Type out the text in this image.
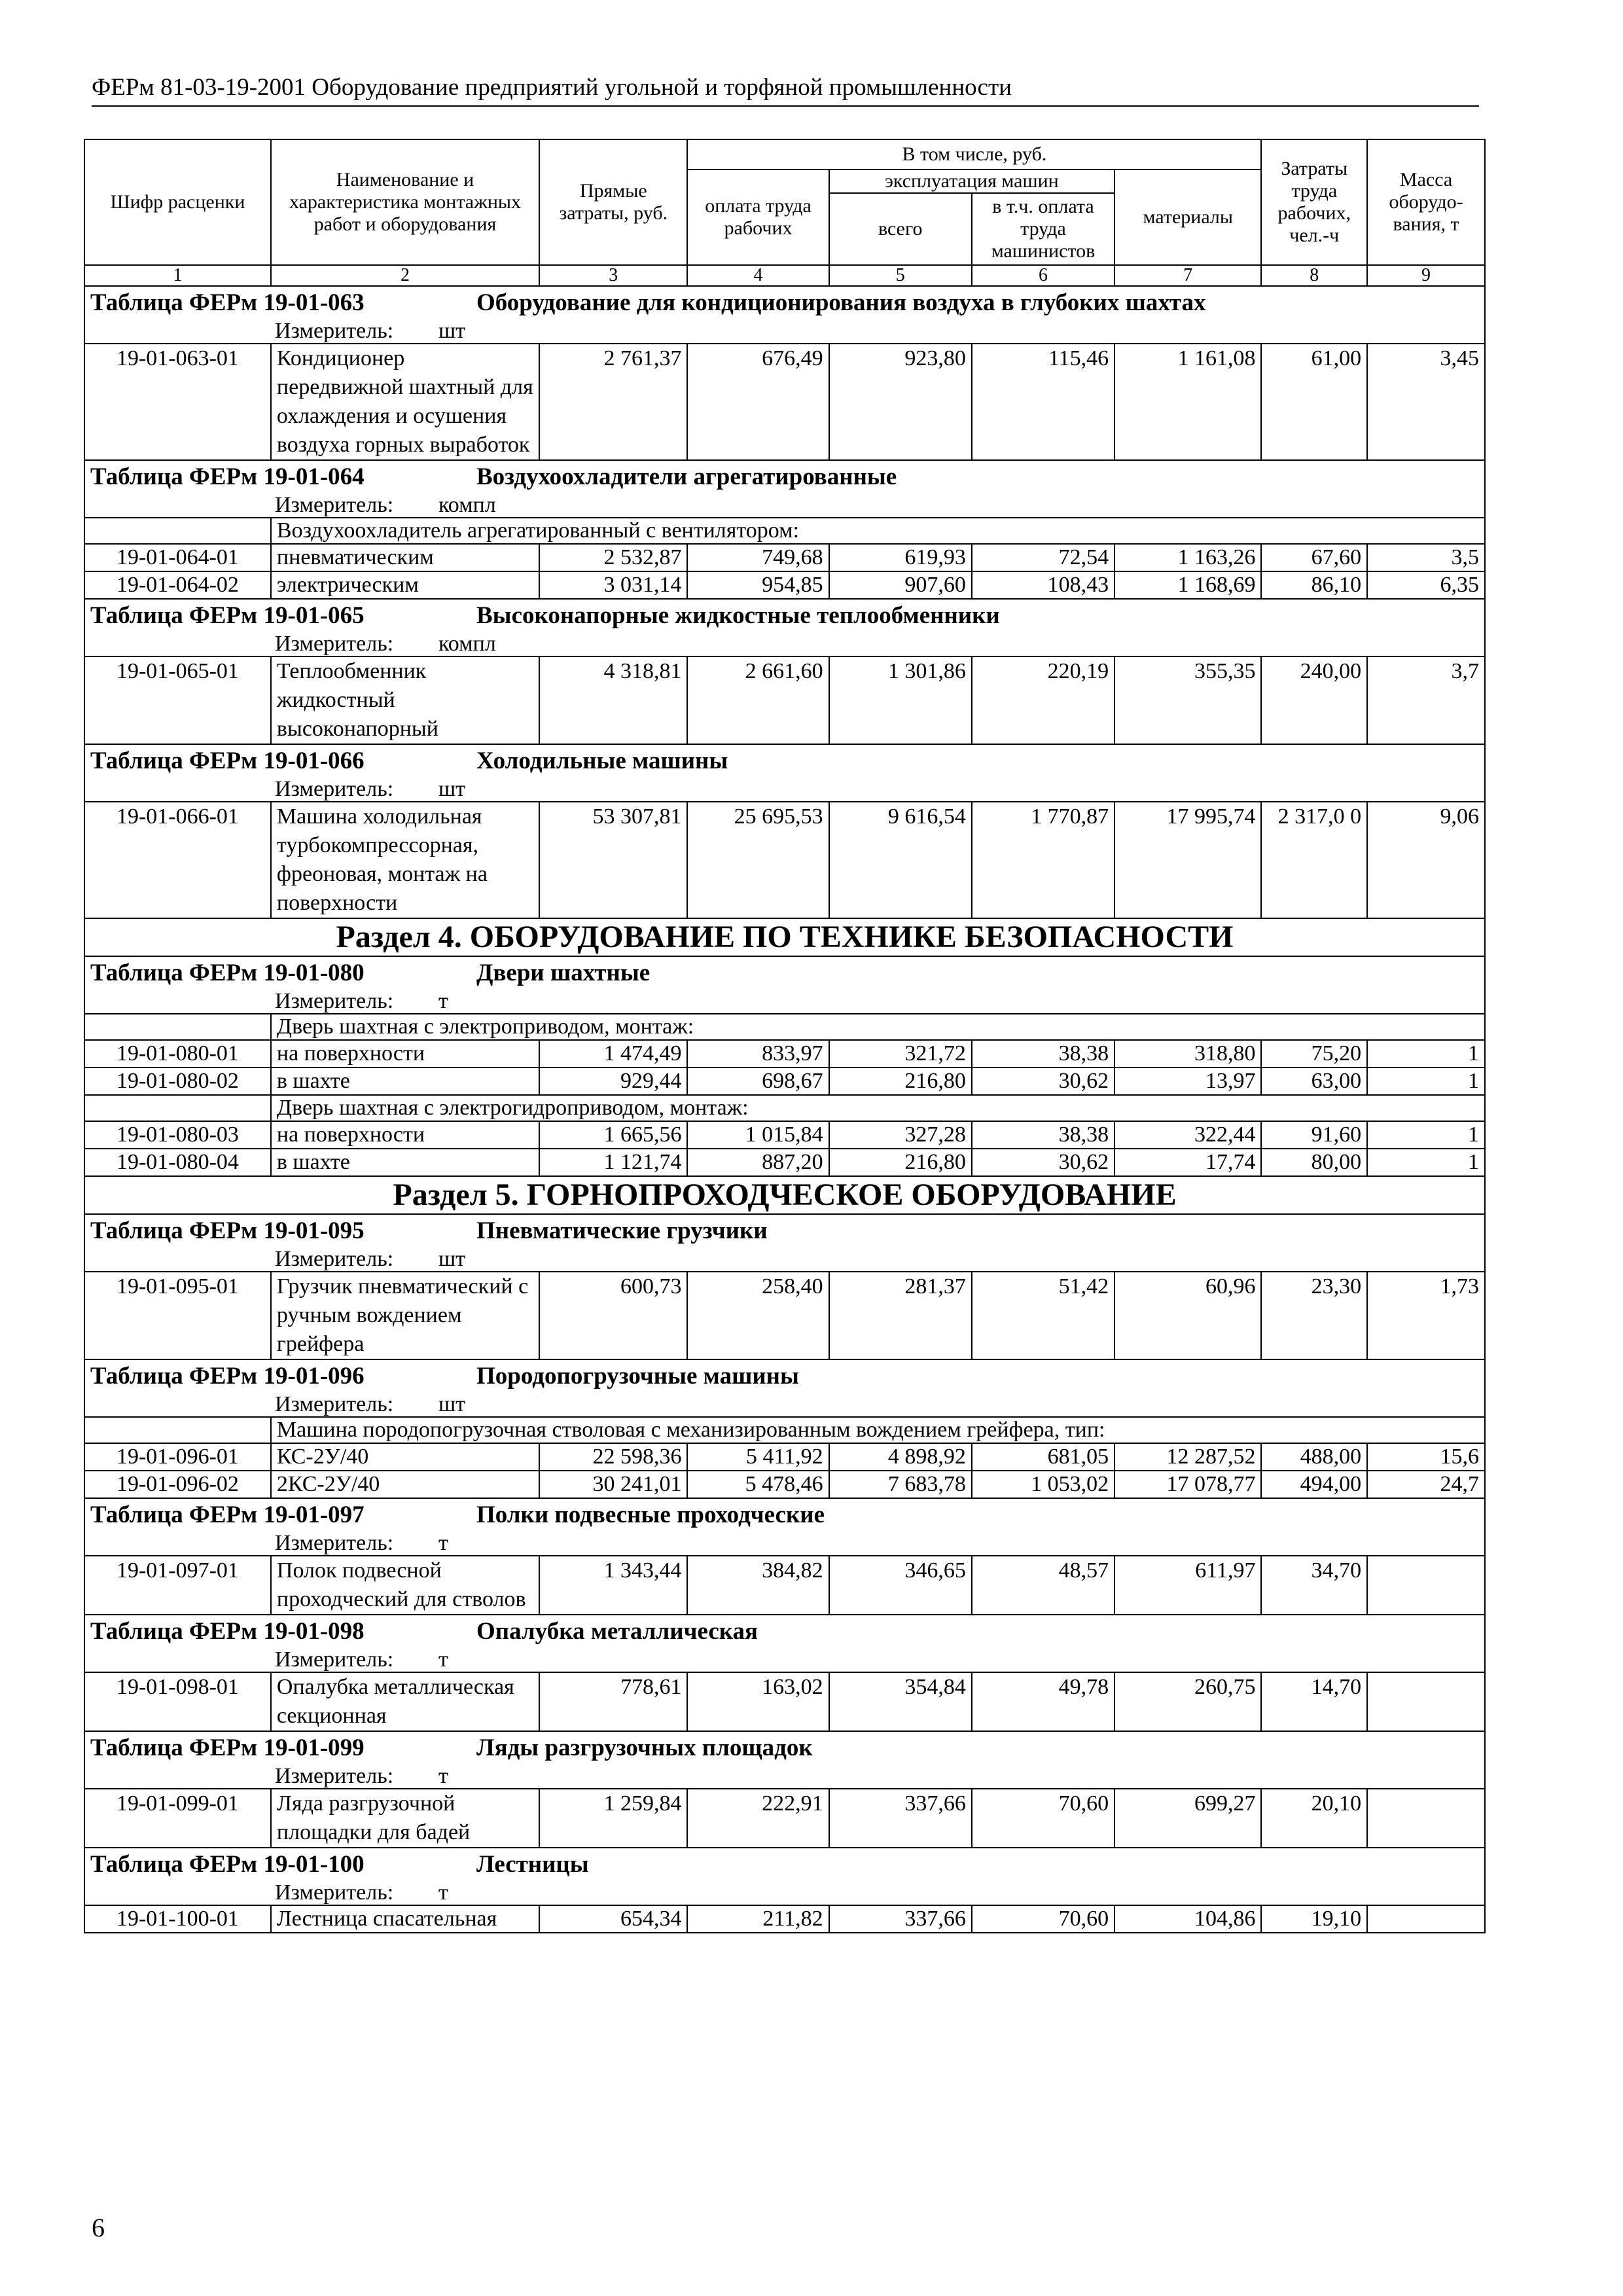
ФЕРм 81-03-19-2001 Оборудование предприятий угольной и торфяной промышленности
Шифр расценки	Наименование и характеристика монтажных работ и оборудования	Прямые затраты, руб.	В том числе, руб.				Затраты труда рабочих, чел.-ч	Масса оборудо-вания, т
			оплата труда рабочих	эксплуатация машин		материалы		
				всего	в т.ч. оплата труда машинистов			
1	2	3	4	5	6	7	8	9
Таблица ФЕРм 19-01-063 Оборудование для кондиционирования воздуха в глубоких шахтах								
Измеритель: шт								
19-01-063-01	Кондиционер передвижной шахтный для охлаждения и осушения воздуха горных выработок	2 761,37	676,49	923,80	115,46	1 161,08	61,00	3,45
Таблица ФЕРм 19-01-064 Воздухоохладители агрегатированные								
Измеритель: компл								
	Воздухоохладитель агрегатированный с вентилятором:							
19-01-064-01	пневматическим	2 532,87	749,68	619,93	72,54	1 163,26	67,60	3,5
19-01-064-02	электрическим	3 031,14	954,85	907,60	108,43	1 168,69	86,10	6,35
Таблица ФЕРм 19-01-065 Высоконапорные жидкостные теплообменники								
Измеритель: компл								
19-01-065-01	Теплообменник жидкостный высоконапорный	4 318,81	2 661,60	1 301,86	220,19	355,35	240,00	3,7
Таблица ФЕРм 19-01-066 Холодильные машины								
Измеритель: шт								
19-01-066-01	Машина холодильная турбокомпрессорная, фреоновая, монтаж на поверхности	53 307,81	25 695,53	9 616,54	1 770,87	17 995,74	2 317,0 0	9,06
Раздел 4. ОБОРУДОВАНИЕ ПО ТЕХНИКЕ БЕЗОПАСНОСТИ								
Таблица ФЕРм 19-01-080 Двери шахтные								
Измеритель: т								
	Дверь шахтная с электроприводом, монтаж:							
19-01-080-01	на поверхности	1 474,49	833,97	321,72	38,38	318,80	75,20	1
19-01-080-02	в шахте	929,44	698,67	216,80	30,62	13,97	63,00	1
	Дверь шахтная с электрогидроприводом, монтаж:							
19-01-080-03	на поверхности	1 665,56	1 015,84	327,28	38,38	322,44	91,60	1
19-01-080-04	в шахте	1 121,74	887,20	216,80	30,62	17,74	80,00	1
Раздел 5. ГОРНОПРОХОДЧЕСКОЕ ОБОРУДОВАНИЕ								
Таблица ФЕРм 19-01-095 Пневматические грузчики								
Измеритель: шт								
19-01-095-01	Грузчик пневматический с ручным вождением грейфера	600,73	258,40	281,37	51,42	60,96	23,30	1,73
Таблица ФЕРм 19-01-096 Породопогрузочные машины								
Измеритель: шт								
	Машина породопогрузочная стволовая с механизированным вождением грейфера, тип:							
19-01-096-01	КС-2У/40	22 598,36	5 411,92	4 898,92	681,05	12 287,52	488,00	15,6
19-01-096-02	2КС-2У/40	30 241,01	5 478,46	7 683,78	1 053,02	17 078,77	494,00	24,7
Таблица ФЕРм 19-01-097 Полки подвесные проходческие								
Измеритель: т								
19-01-097-01	Полок подвесной проходческий для стволов	1 343,44	384,82	346,65	48,57	611,97	34,70	
Таблица ФЕРм 19-01-098 Опалубка металлическая								
Измеритель: т								
19-01-098-01	Опалубка металлическая секционная	778,61	163,02	354,84	49,78	260,75	14,70	
Таблица ФЕРм 19-01-099 Ляды разгрузочных площадок								
Измеритель: т								
19-01-099-01	Ляда разгрузочной площадки для бадей	1 259,84	222,91	337,66	70,60	699,27	20,10	
Таблица ФЕРм 19-01-100 Лестницы								
Измеритель: т								
19-01-100-01	Лестница спасательная	654,34	211,82	337,66	70,60	104,86	19,10	
6
